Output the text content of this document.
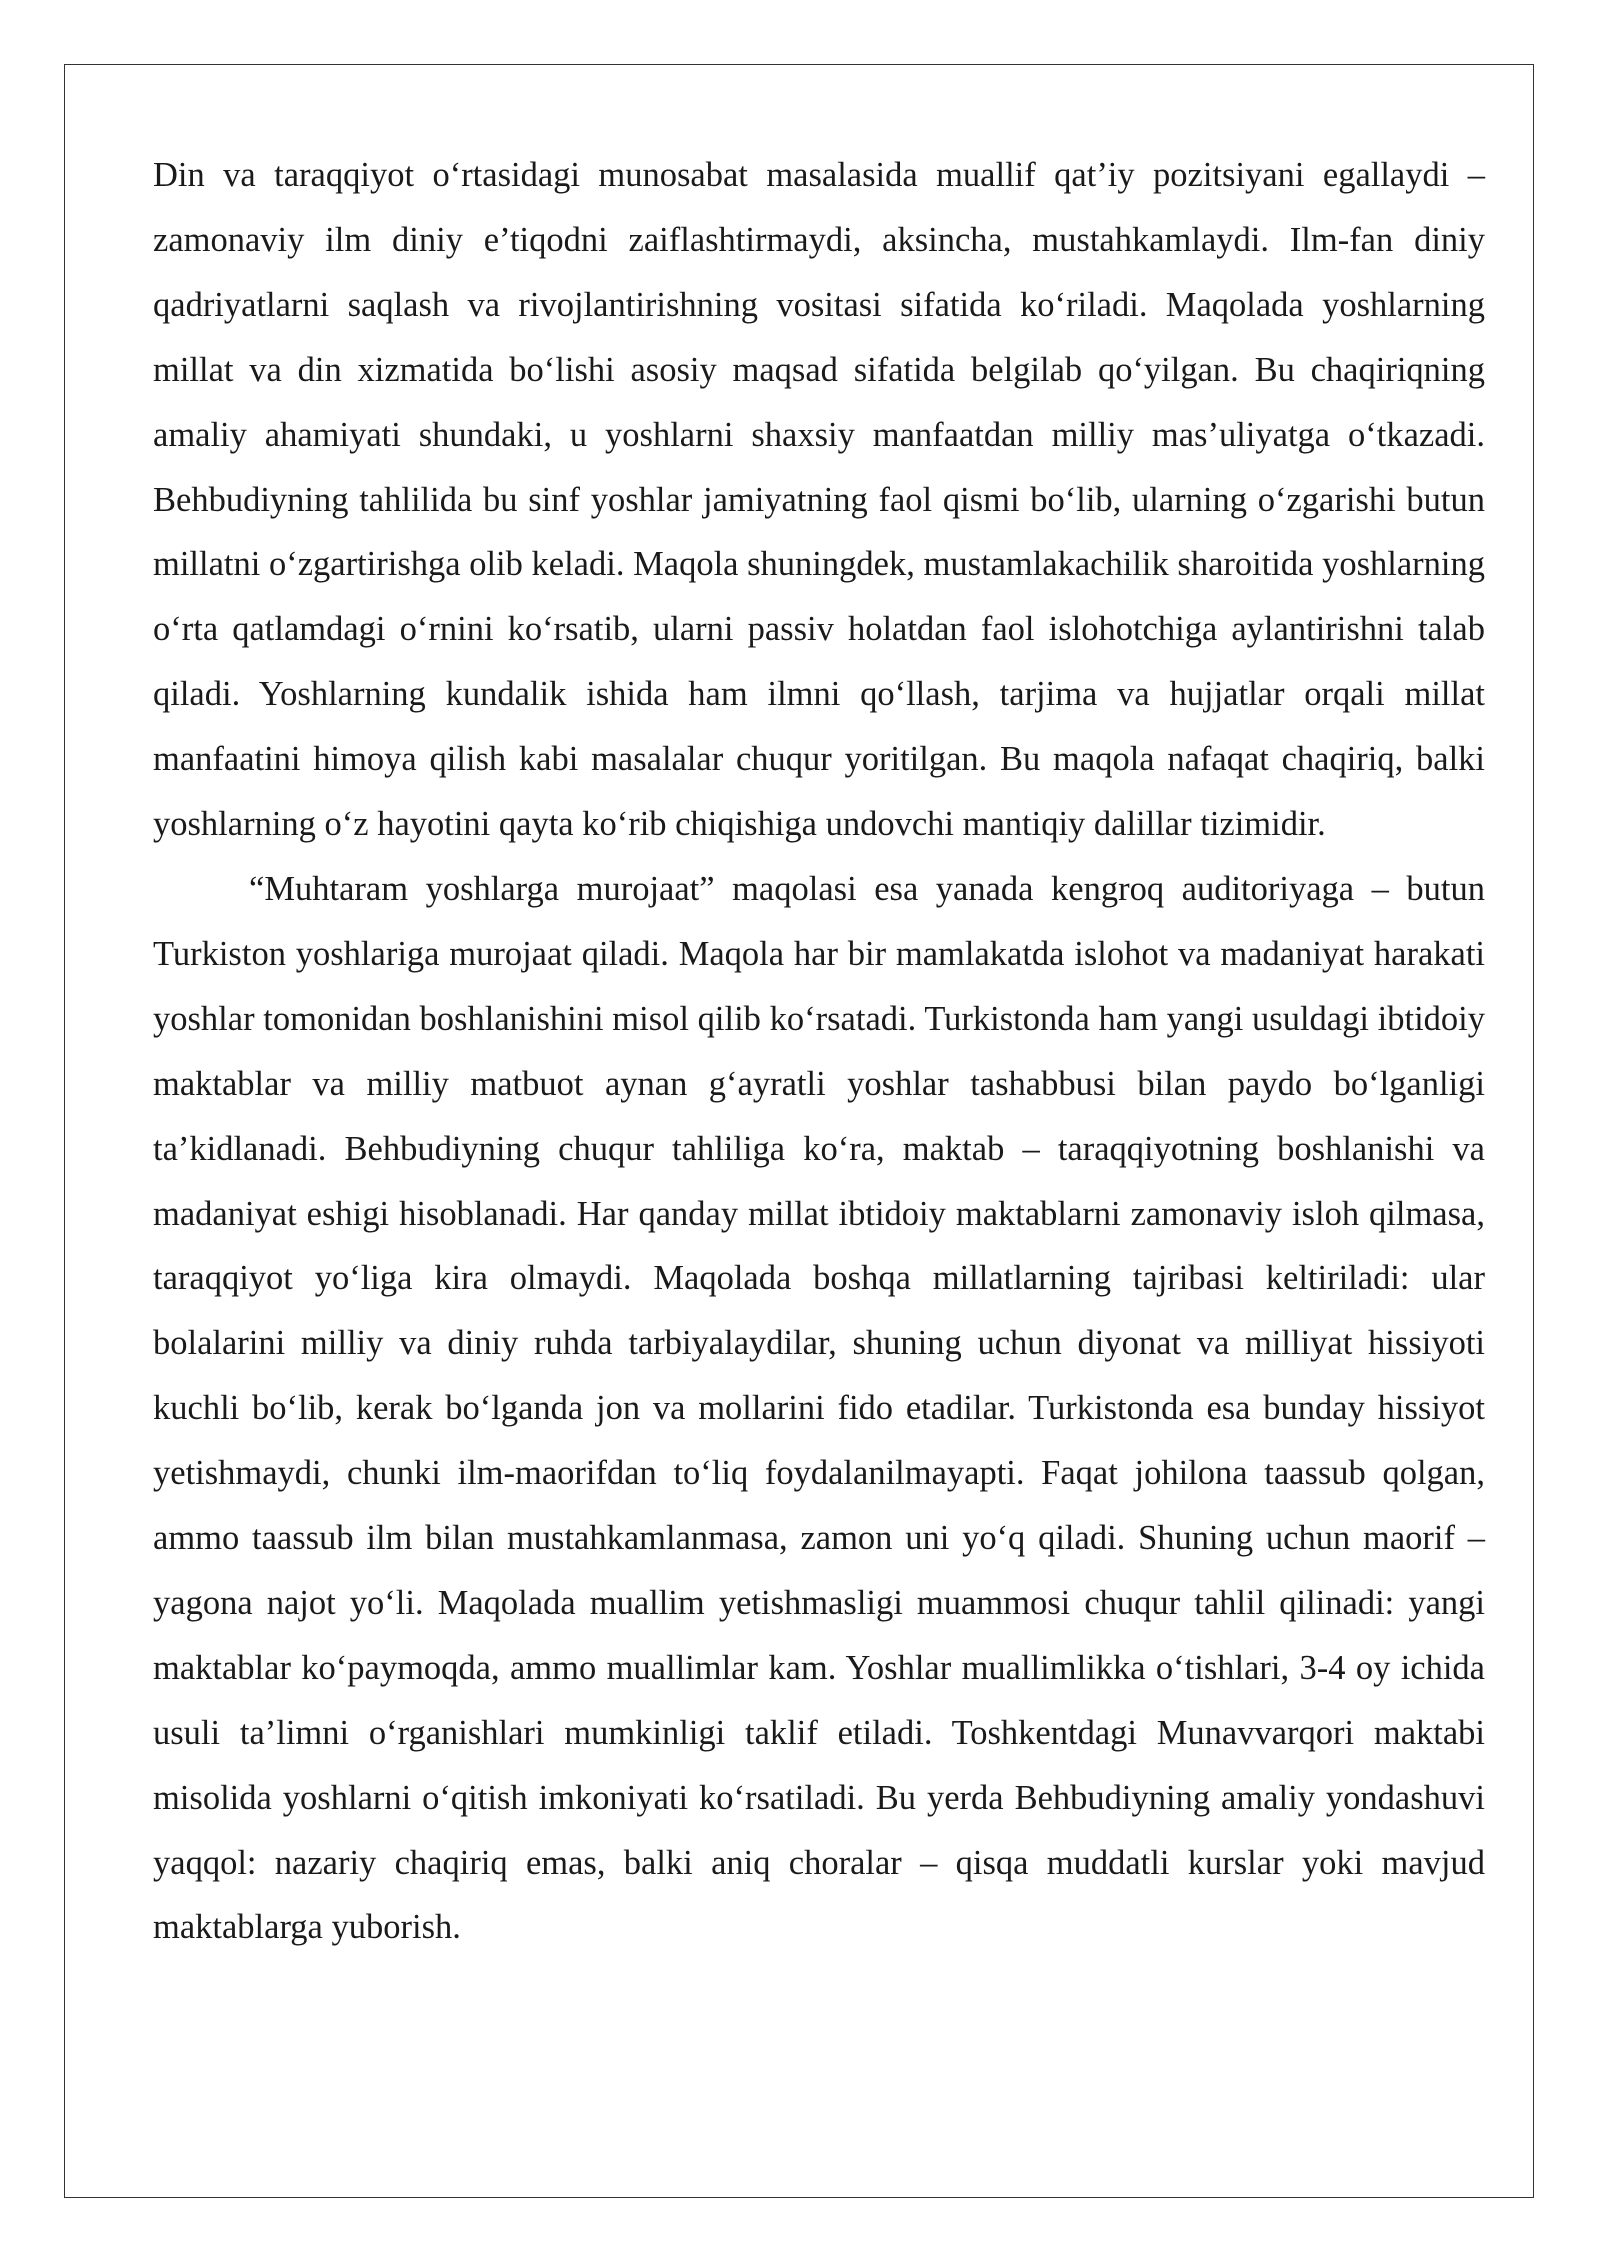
Din va taraqqiyot o‘rtasidagi munosabat masalasida muallif qat’iy pozitsiyani egallaydi – zamonaviy ilm diniy e’tiqodni zaiflashtirmaydi, aksincha, mustahkamlaydi. Ilm-fan diniy qadriyatlarni saqlash va rivojlantirishning vositasi sifatida ko‘riladi. Maqolada yoshlarning millat va din xizmatida bo‘lishi asosiy maqsad sifatida belgilab qo‘yilgan. Bu chaqiriqning amaliy ahamiyati shundaki, u yoshlarni shaxsiy manfaatdan milliy mas’uliyatga o‘tkazadi. Behbudiyning tahlilida bu sinf yoshlar jamiyatning faol qismi bo‘lib, ularning o‘zgarishi butun millatni o‘zgartirishga olib keladi. Maqola shuningdek, mustamlakachilik sharoitida yoshlarning o‘rta qatlamdagi o‘rnini ko‘rsatib, ularni passiv holatdan faol islohotchiga aylantirishni talab qiladi. Yoshlarning kundalik ishida ham ilmni qo‘llash, tarjima va hujjatlar orqali millat manfaatini himoya qilish kabi masalalar chuqur yoritilgan. Bu maqola nafaqat chaqiriq, balki yoshlarning o‘z hayotini qayta ko‘rib chiqishiga undovchi mantiqiy dalillar tizimidir.

“Muhtaram yoshlarga murojaat” maqolasi esa yanada kengroq auditoriyaga – butun Turkiston yoshlariga murojaat qiladi. Maqola har bir mamlakatda islohot va madaniyat harakati yoshlar tomonidan boshlanishini misol qilib ko‘rsatadi. Turkistonda ham yangi usuldagi ibtidoiy maktablar va milliy matbuot aynan g‘ayratli yoshlar tashabbusi bilan paydo bo‘lganligi ta’kidlanadi. Behbudiyning chuqur tahliliga ko‘ra, maktab – taraqqiyotning boshlanishi va madaniyat eshigi hisoblanadi. Har qanday millat ibtidoiy maktablarni zamonaviy isloh qilmasa, taraqqiyot yo‘liga kira olmaydi. Maqolada boshqa millatlarning tajribasi keltiriladi: ular bolalarini milliy va diniy ruhda tarbiyalaydilar, shuning uchun diyonat va milliyat hissiyoti kuchli bo‘lib, kerak bo‘lganda jon va mollarini fido etadilar. Turkistonda esa bunday hissiyot yetishmaydi, chunki ilm-maorifdan to‘liq foydalanilmayapti. Faqat johilona taassub qolgan, ammo taassub ilm bilan mustahkamlanmasa, zamon uni yo‘q qiladi. Shuning uchun maorif – yagona najot yo‘li. Maqolada muallim yetishmasligi muammosi chuqur tahlil qilinadi: yangi maktablar ko‘paymoqda, ammo muallimlar kam. Yoshlar muallimlikka o‘tishlari, 3-4 oy ichida usuli ta’limni o‘rganishlari mumkinligi taklif etiladi. Toshkentdagi Munavvarqori maktabi misolida yoshlarni o‘qitish imkoniyati ko‘rsatiladi. Bu yerda Behbudiyning amaliy yondashuvi yaqqol: nazariy chaqiriq emas, balki aniq choralar – qisqa muddatli kurslar yoki mavjud maktablarga yuborish.
